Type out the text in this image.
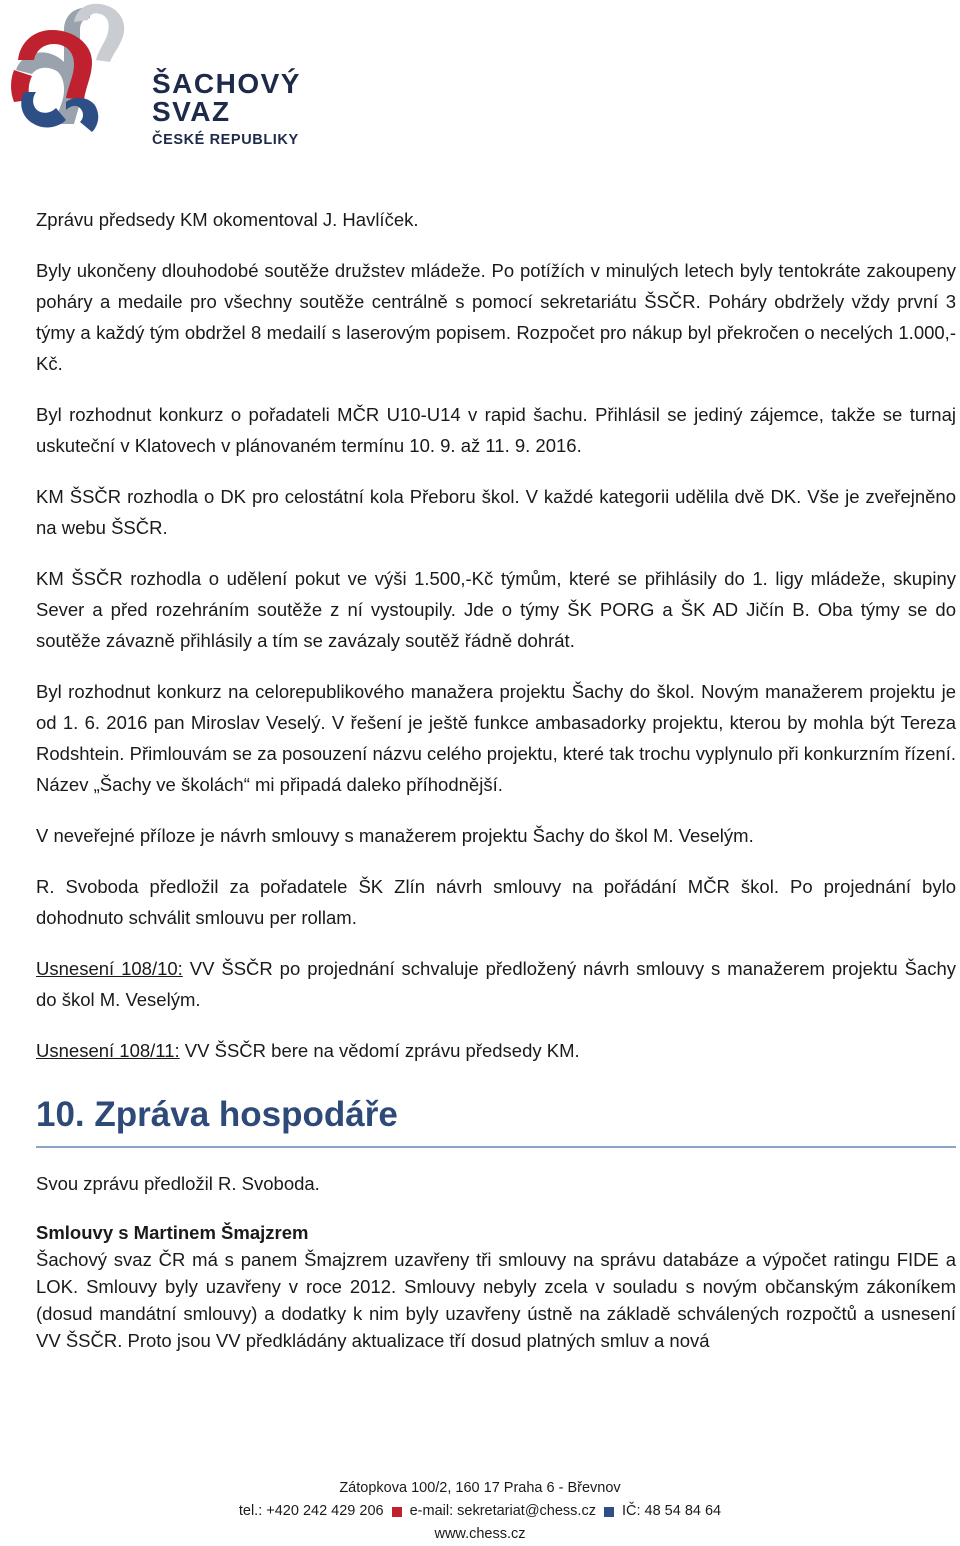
ŠACHOVÝ
SVAZ
ČESKÉ REPUBLIKY

Zprávu předsedy KM okomentoval J. Havlíček.

Byly ukončeny dlouhodobé soutěže družstev mládeže. Po potížích v minulých letech byly tentokráte zakoupeny poháry a medaile pro všechny soutěže centrálně s pomocí sekretariátu ŠSČR. Poháry obdržely vždy první 3 týmy a každý tým obdržel 8 medailí s laserovým popisem. Rozpočet pro nákup byl překročen o necelých 1.000,-Kč.

Byl rozhodnut konkurz o pořadateli MČR U10-U14 v rapid šachu. Přihlásil se jediný zájemce, takže se turnaj uskuteční v Klatovech v plánovaném termínu 10. 9. až 11. 9. 2016.

KM ŠSČR rozhodla o DK pro celostátní kola Přeboru škol. V každé kategorii udělila dvě DK. Vše je zveřejněno na webu ŠSČR.

KM ŠSČR rozhodla o udělení pokut ve výši 1.500,-Kč týmům, které se přihlásily do 1. ligy mládeže, skupiny Sever a před rozehráním soutěže z ní vystoupily. Jde o týmy ŠK PORG a ŠK AD Jičín B. Oba týmy se do soutěže závazně přihlásily a tím se zavázaly soutěž řádně dohrát.

Byl rozhodnut konkurz na celorepublikového manažera projektu Šachy do škol. Novým manažerem projektu je od 1. 6. 2016 pan Miroslav Veselý. V řešení je ještě funkce ambasadorky projektu, kterou by mohla být Tereza Rodshtein. Přimlouvám se za posouzení názvu celého projektu, které tak trochu vyplynulo při konkurzním řízení. Název „Šachy ve školách“ mi připadá daleko příhodnější.

V neveřejné příloze je návrh smlouvy s manažerem projektu Šachy do škol M. Veselým.

R. Svoboda předložil za pořadatele ŠK Zlín návrh smlouvy na pořádání MČR škol. Po projednání bylo dohodnuto schválit smlouvu per rollam.

Usnesení 108/10: VV ŠSČR po projednání schvaluje předložený návrh smlouvy s manažerem projektu Šachy do škol M. Veselým.

Usnesení 108/11: VV ŠSČR bere na vědomí zprávu předsedy KM.

10. Zpráva hospodáře

Svou zprávu předložil R. Svoboda.

Smlouvy s Martinem Šmajzrem

Šachový svaz ČR má s panem Šmajzrem uzavřeny tři smlouvy na správu databáze a výpočet ratingu FIDE a LOK. Smlouvy byly uzavřeny v roce 2012. Smlouvy nebyly zcela v souladu s novým občanským zákoníkem (dosud mandátní smlouvy) a dodatky k nim byly uzavřeny ústně na základě schválených rozpočtů a usnesení VV ŠSČR. Proto jsou VV předkládány aktualizace tří dosud platných smluv a nová

Zátopkova 100/2, 160 17 Praha 6 - Břevnov
tel.: +420 242 429 206 e-mail: sekretariat@chess.cz IČ: 48 54 84 64
www.chess.cz
